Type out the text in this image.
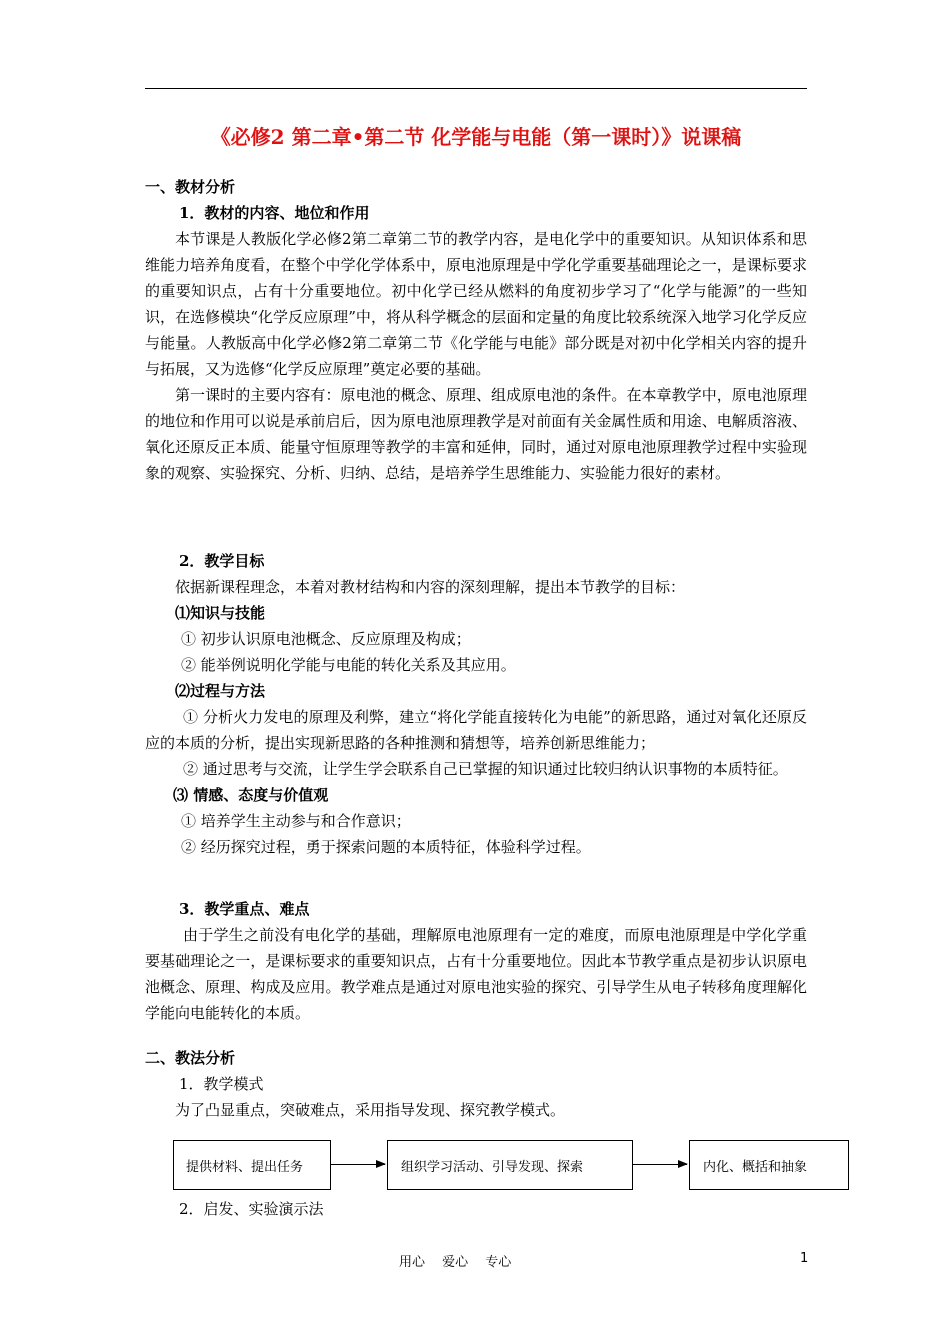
《必修2 第二章•第二节 化学能与电能（第一课时）》说课稿
一、教材分析
1．教材的内容、地位和作用

本节课是人教版化学必修2第二章第二节的教学内容，是电化学中的重要知识。从知识体系和思维能力培养角度看，在整个中学化学体系中，原电池原理是中学化学重要基础理论之一，是课标要求的重要知识点，占有十分重要地位。初中化学已经从燃料的角度初步学习了“化学与能源”的一些知识，在选修模块“化学反应原理”中，将从科学概念的层面和定量的角度比较系统深入地学习化学反应与能量。人教版高中化学必修2第二章第二节《化学能与电能》部分既是对初中化学相关内容的提升与拓展，又为选修“化学反应原理”奠定必要的基础。

第一课时的主要内容有：原电池的概念、原理、组成原电池的条件。在本章教学中，原电池原理的地位和作用可以说是承前启后，因为原电池原理教学是对前面有关金属性质和用途、电解质溶液、氧化还原反正本质、能量守恒原理等教学的丰富和延伸，同时，通过对原电池原理教学过程中实验现象的观察、实验探究、分析、归纳、总结，是培养学生思维能力、实验能力很好的素材。

2．教学目标
依据新课程理念，本着对教材结构和内容的深刻理解，提出本节教学的目标：
⑴知识与技能
① 初步认识原电池概念、反应原理及构成；
② 能举例说明化学能与电能的转化关系及其应用。
⑵过程与方法

① 分析火力发电的原理及利弊，建立“将化学能直接转化为电能”的新思路，通过对氧化还原反应的本质的分析，提出实现新思路的各种推测和猜想等，培养创新思维能力；

② 通过思考与交流，让学生学会联系自己已掌握的知识通过比较归纳认识事物的本质特征。

⑶ 情感、态度与价值观
① 培养学生主动参与和合作意识；
② 经历探究过程，勇于探索问题的本质特征，体验科学过程。
3．教学重点、难点

由于学生之前没有电化学的基础，理解原电池原理有一定的难度，而原电池原理是中学化学重要基础理论之一，是课标要求的重要知识点，占有十分重要地位。因此本节教学重点是初步认识原电池概念、原理、构成及应用。教学难点是通过对原电池实验的探究、引导学生从电子转移角度理解化学能向电能转化的本质。

二、教法分析
1．教学模式
为了凸显重点，突破难点，采用指导发现、探究教学模式。
提供材料、提出任务	组织学习活动、引导发现、探索	内化、概括和抽象
2．启发、实验演示法
用心　 爱心　 专心	1
